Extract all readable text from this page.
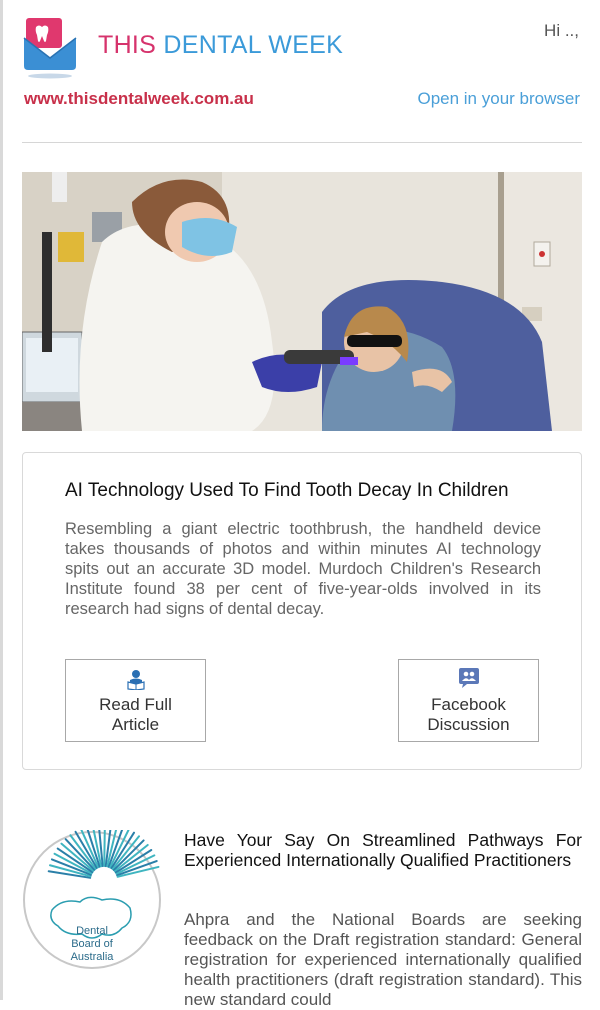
THIS DENTAL WEEK
Hi ..,
www.thisdentalweek.com.au	Open in your browser
AI Technology Used To Find Tooth Decay In Children
Resembling a giant electric toothbrush, the handheld device takes thousands of photos and within minutes AI technology spits out an accurate 3D model. Murdoch Children's Research Institute found 38 per cent of five-year-olds involved in its research had signs of dental decay.
Read Full
Article
Facebook
Discussion
Dental
Board of
Australia
Have Your Say On Streamlined Pathways For Experienced Internationally Qualified Practitioners
Ahpra and the National Boards are seeking feedback on the Draft registration standard: General registration for experienced internationally qualified health practitioners (draft registration standard). This new standard could
